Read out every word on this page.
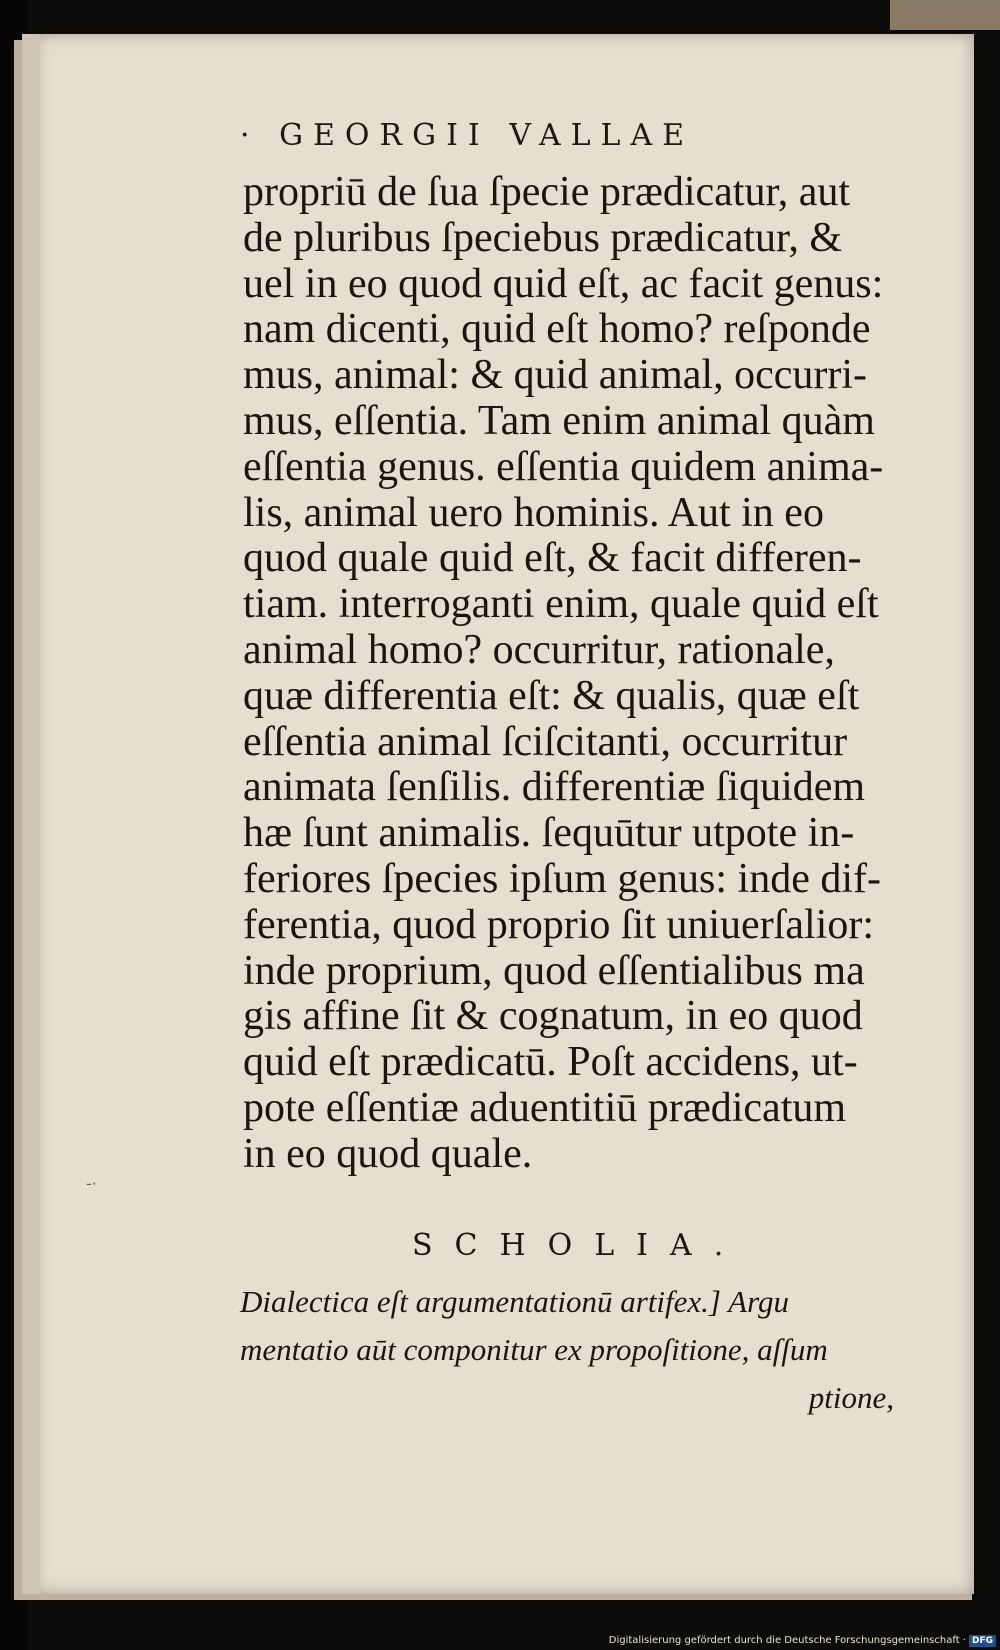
· GEORGII VALLAE
propriū de ſua ſpecie prædicatur, aut
de pluribus ſpeciebus prædicatur, &
uel in eo quod quid eſt, ac facit genus:
nam dicenti, quid eſt homo? reſponde
mus, animal: & quid animal, occurri-
mus, eſſentia. Tam enim animal quàm
eſſentia genus. eſſentia quidem anima-
lis, animal uero hominis. Aut in eo
quod quale quid eſt, & facit differen-
tiam. interroganti enim, quale quid eſt
animal homo? occurritur, rationale,
quæ differentia eſt: & qualis, quæ eſt
eſſentia animal ſciſcitanti, occurritur
animata ſenſilis. differentiæ ſiquidem
hæ ſunt animalis. ſequūtur utpote in-
feriores ſpecies ipſum genus: inde dif-
ferentia, quod proprio ſit uniuerſalior:
inde proprium, quod eſſentialibus ma
gis affine ſit & cognatum, in eo quod
quid eſt prædicatū. Poſt accidens, ut-
pote eſſentiæ aduentitiū prædicatum
in eo quod quale.
SCHOLIA.
Dialectica eſt argumentationū artifex.] Argu
mentatio aūt componitur ex propoſitione, aſſum
ptione,
-·
Digitalisierung gefördert durch die Deutsche Forschungsgemeinschaft · DFG
